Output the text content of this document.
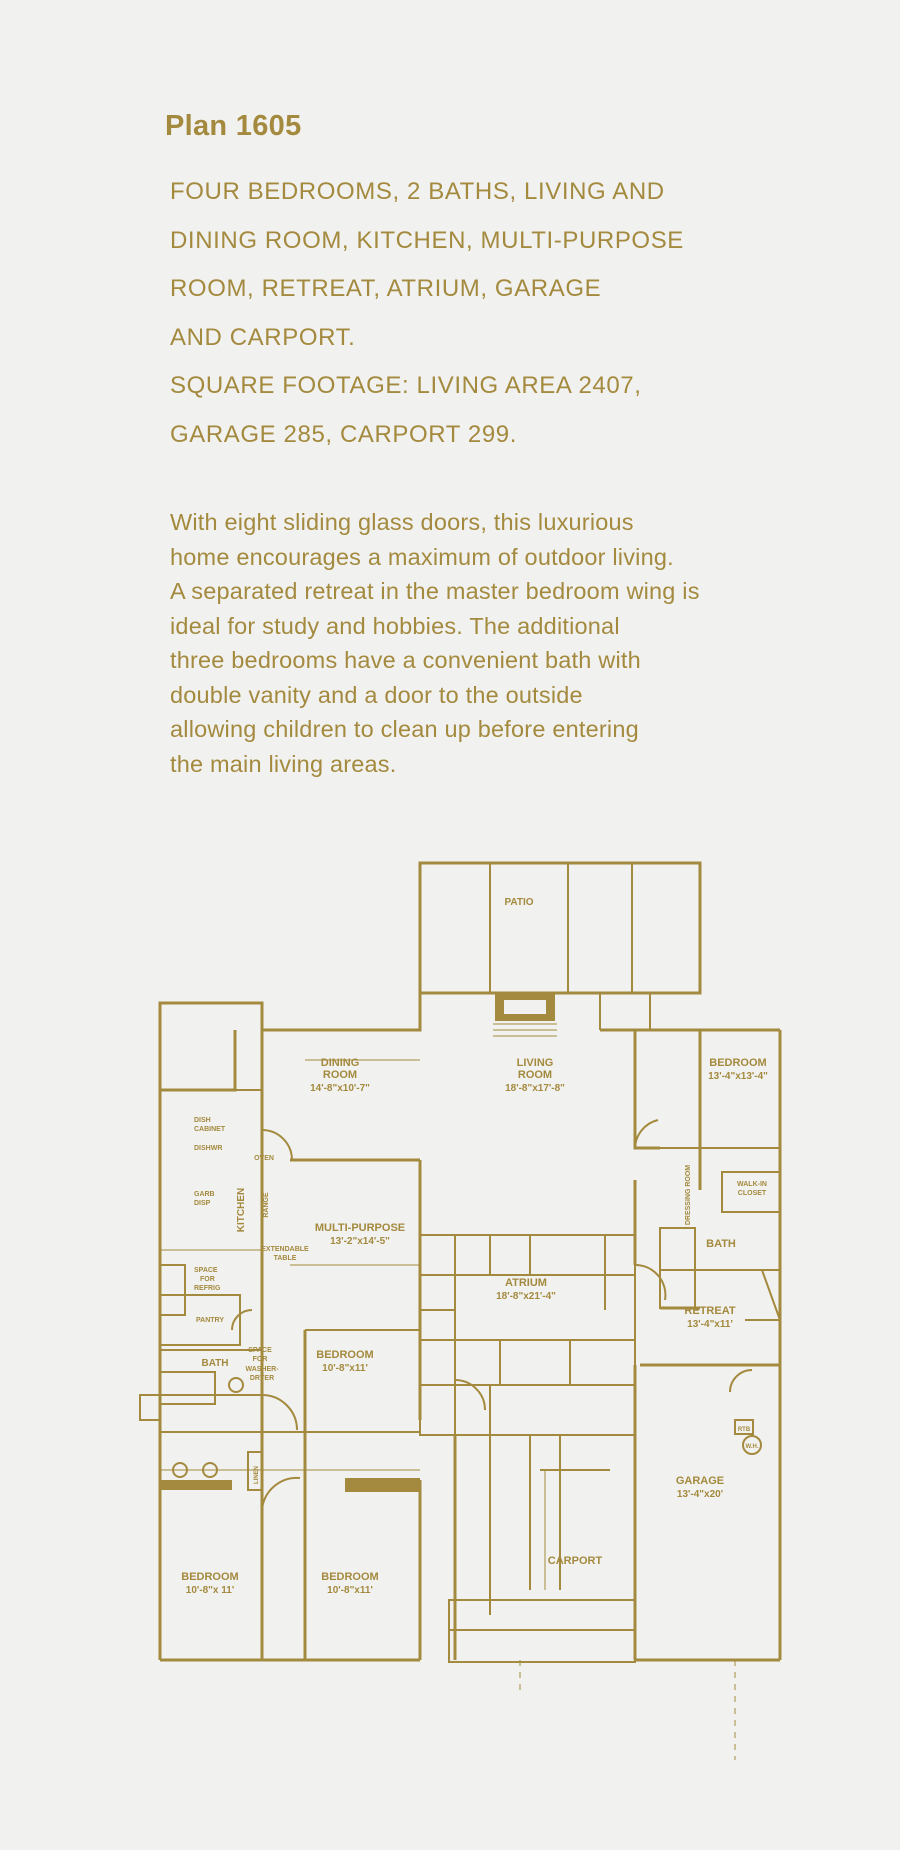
Plan 1605
FOUR BEDROOMS, 2 BATHS, LIVING AND
DINING ROOM, KITCHEN, MULTI-PURPOSE
ROOM, RETREAT, ATRIUM, GARAGE
AND CARPORT.
SQUARE FOOTAGE: LIVING AREA 2407,
GARAGE 285, CARPORT 299.
With eight sliding glass doors, this luxurious
home encourages a maximum of outdoor living.
A separated retreat in the master bedroom wing is
ideal for study and hobbies. The additional
three bedrooms have a convenient bath with
double vanity and a door to the outside
allowing children to clean up before entering
the main living areas.
PATIO
DINING
ROOM
14'-8"x10'-7"
LIVING
ROOM
18'-8"x17'-8"
BEDROOM
13'-4"x13'-4"
DISH
CABINET
DISHWR
OVEN
KITCHEN RANGE
GARB
DISP
WALK-IN
CLOSET
DRESSING ROOM
BATH
MULTI-PURPOSE
13'-2"x14'-5"
EXTENDABLE
TABLE
SPACE
FOR
REFRIG	ATRIUM
18'-8"x21'-4"
PANTRY
RETREAT
13'-4"x11'
SPACE
FOR
WASHER-
DRYER
BATH
BEDROOM
10'-8"x11'
LINEN
W.H.
RTB
GARAGE
13'-4"x20'
BEDROOM
10'-8"x 11'
BEDROOM
10'-8"x11'
CARPORT
